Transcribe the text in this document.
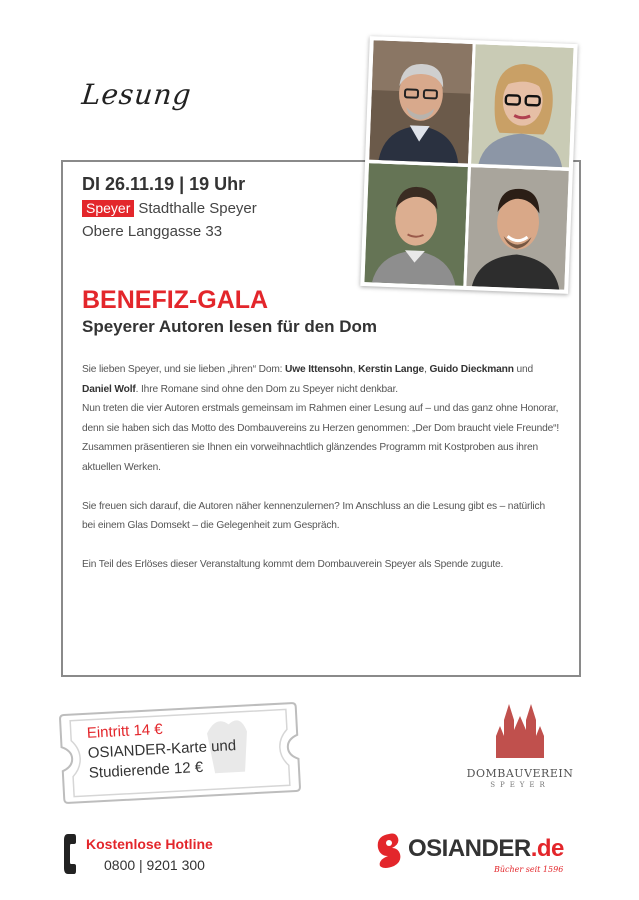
Lesung
DI 26.11.19 | 19 Uhr
Speyer Stadthalle Speyer
Obere Langgasse 33
BENEFIZ-GALA
Speyerer Autoren lesen für den Dom

Sie lieben Speyer, und sie lieben „ihren“ Dom: Uwe Ittensohn, Kerstin Lange, Guido Dieckmann und Daniel Wolf. Ihre Romane sind ohne den Dom zu Speyer nicht denkbar.
Nun treten die vier Autoren erstmals gemeinsam im Rahmen einer Lesung auf – und das ganz ohne Honorar, denn sie haben sich das Motto des Dombauvereins zu Herzen genommen: „Der Dom braucht viele Freunde“! Zusammen präsentieren sie Ihnen ein vorweihnachtlich glänzendes Programm mit Kostproben aus ihren aktuellen Werken.

Sie freuen sich darauf, die Autoren näher kennenzulernen? Im Anschluss an die Lesung gibt es – natürlich bei einem Glas Domsekt – die Gelegenheit zum Gespräch.

Ein Teil des Erlöses dieser Veranstaltung kommt dem Dombauverein Speyer als Spende zugute.

Eintritt 14 €
OSIANDER-Karte und
Studierende 12 €	DOMBAUVEREIN
SPEYER
Kostenlose Hotline
0800 | 9201 300
OSIANDER.de
Bücher seit 1596
